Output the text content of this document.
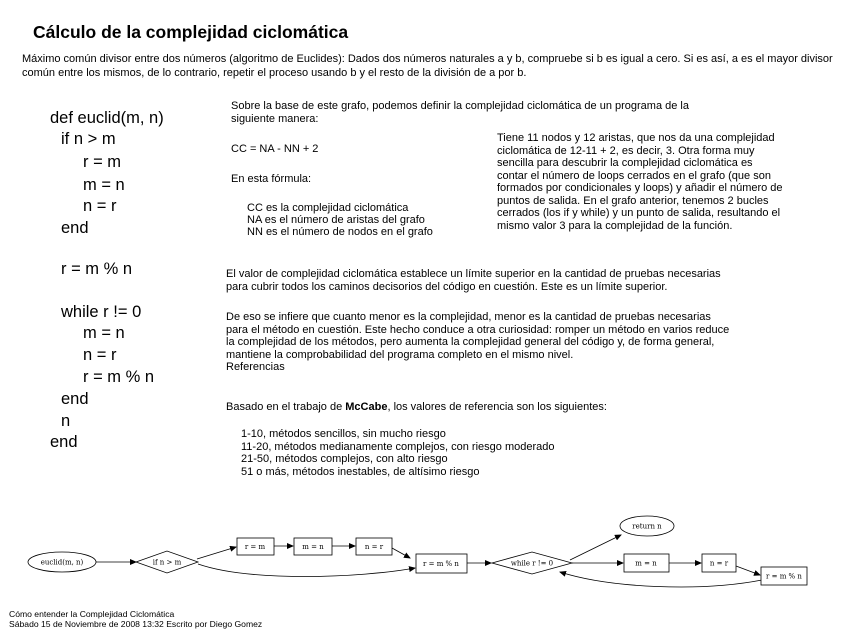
Cálculo de la complejidad ciclomática
Máximo común divisor entre dos números (algoritmo de Euclides): Dados dos números naturales a y b, compruebe si b es igual a cero. Si es así, a es el mayor divisor común entre los mismos, de lo contrario, repetir el proceso usando b y el resto de la división de a por b.
def euclid(m, n)
if n > m
r = m
m = n
n = r
end
r = m % n
while r != 0
m = n
n = r
r = m % n
end
n
end
Sobre la base de este grafo, podemos definir la complejidad ciclomática de un programa de la
siguiente manera:
CC = NA - NN + 2
En esta fórmula:
CC es la complejidad ciclomática
NA es el número de aristas del grafo
NN es el número de nodos en el grafo
Tiene 11 nodos y 12 aristas, que nos da una complejidad
ciclomática de 12-11 + 2, es decir, 3. Otra forma muy
sencilla para descubrir la complejidad ciclomática es
contar el número de loops cerrados en el grafo (que son
formados por condicionales y loops) y añadir el número de
puntos de salida. En el grafo anterior, tenemos 2 bucles
cerrados (los if y while) y un punto de salida, resultando el
mismo valor 3 para la complejidad de la función.
El valor de complejidad ciclomática establece un límite superior en la cantidad de pruebas necesarias
para cubrir todos los caminos decisorios del código en cuestión. Este es un límite superior.
De eso se infiere que cuanto menor es la complejidad, menor es la cantidad de pruebas necesarias
para el método en cuestión. Este hecho conduce a otra curiosidad: romper un método en varios reduce
la complejidad de los métodos, pero aumenta la complejidad general del código y, de forma general,
mantiene la comprobabilidad del programa completo en el mismo nivel.
Referencias
Basado en el trabajo de McCabe, los valores de referencia son los siguientes:
1-10, métodos sencillos, sin mucho riesgo
11-20, métodos medianamente complejos, con riesgo moderado
21-50, métodos complejos, con alto riesgo
51 o más, métodos inestables, de altísimo riesgo
euclid(m, n)	if n > m
r = m	m = n	n = r
r = m % n	while r != 0
return n
m = n	n = r
r = m % n
Cómo entender la Complejidad Ciclomática
Sábado 15 de Noviembre de 2008 13:32 Escrito por Diego Gomez
